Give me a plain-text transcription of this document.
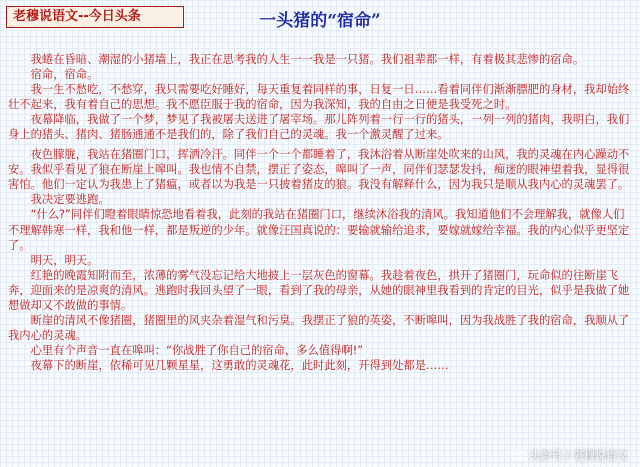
老穆说语文--今日头条	一头猪的“宿命”

我蜷在昏暗、潮湿的小猪墙上，我正在思考我的人生一一我是一只猪。我们祖辈都一样，有着极其悲惨的宿命。

宿命，宿命。

我一生不愁吃，不愁穿，我只需要吃好睡好，每天重复着同样的事，日复一日……看着同伴们渐渐膘肥的身材，我却始终壮不起来，我有着自己的思想。我不愿臣服于我的宿命，因为我深知，我的自由之日便是我受死之时。

夜幕降临，我做了一个梦，梦见了我被屠夫送进了屠宰场。那儿阵列着一行一行的猪头，一列一列的猪肉，我明白，我们身上的猪头、猪肉、猪肠通通不是我们的，除了我们自己的灵魂。我一个激灵醒了过来。

夜色朦胧，我站在猪圈门口，挥洒冷汗。同伴一个一个都睡着了，我沐浴着从断崖处吹来的山风，我的灵魂在内心躁动不安。我似乎看见了狼在断崖上嗥叫。我也情不自禁，摆正了姿态，嗥叫了一声，同伴们瑟瑟发抖，痴迷的眼神望着我，显得很害怕。他们一定认为我患上了猪瘟，或者以为我是一只披着猪皮的狼。我没有解释什么，因为我只是顺从我内心的灵魂罢了。

我决定要逃跑。

“什么?”同伴们瞪着眼睛惊恐地看着我，此刻的我站在猪圈门口，继续沐浴我的清风。我知道他们不会理解我，就像人们不理解韩寒一样，我和他一样，都是叛逆的少年。就像汪国真说的：要输就输给追求，要嫁就嫁给幸福。我的内心似乎更坚定了。

明天，明天。

红艳的晚霞知附而至，浓薄的雾气没忘记给大地披上一层灰色的窗幕。我趁着夜色，拱开了猪圈门，玩命似的往断崖飞奔，迎面来的是凉爽的清风。逃跑时我回头望了一眼，看到了我的母亲，从她的眼神里我看到的肯定的目光，似乎是我做了她想做却又不敢做的事情。

断崖的清风不像猪圈，猪圈里的风夹杂着湿气和污臭。我摆正了狼的英姿，不断嗥叫，因为我战胜了我的宿命，我顺从了我内心的灵魂。

心里有个声音一直在嗥叫：“你战胜了你自己的宿命，多么值得啊!”

夜幕下的断崖，依稀可见几颗星星，这勇敢的灵魂花，此时此刻，开得到处都是……

头条号 / 老穆说语文
